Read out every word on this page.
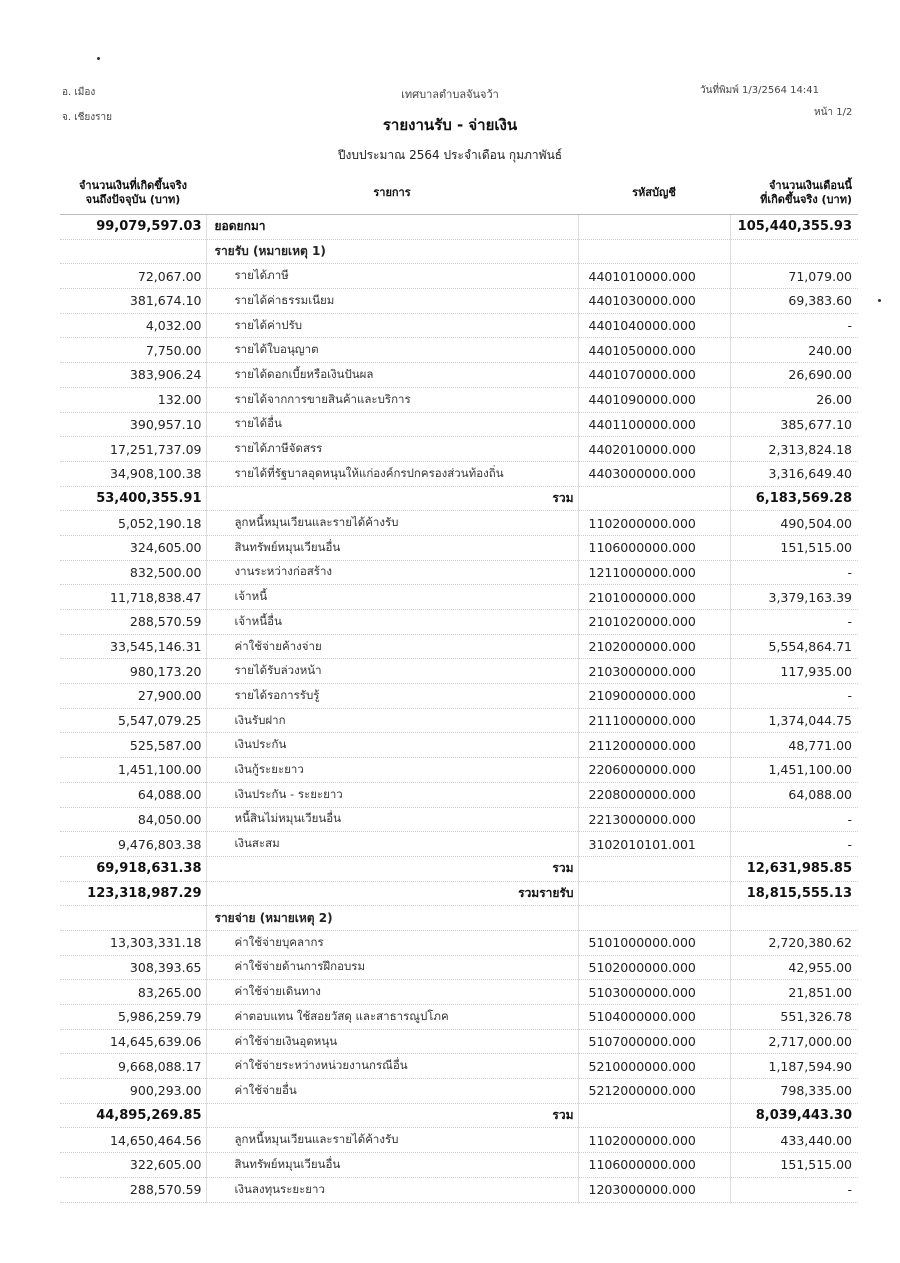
อ. เมือง
จ. เชียงราย
เทศบาลตำบลจันจว้า	วันที่พิมพ์ 1/3/2564 14:41
หน้า 1/2
รายงานรับ - จ่ายเงิน
ปีงบประมาณ 2564 ประจำเดือน กุมภาพันธ์
จำนวนเงินที่เกิดขึ้นจริง
จนถึงปัจจุบัน (บาท)	รายการ	รหัสบัญชี	จำนวนเงินเดือนนี้
ที่เกิดขึ้นจริง (บาท)
99,079,597.03	ยอดยกมา		105,440,355.93
	รายรับ (หมายเหตุ 1)		
72,067.00	รายได้ภาษี	4401010000.000	71,079.00
381,674.10	รายได้ค่าธรรมเนียม	4401030000.000	69,383.60
4,032.00	รายได้ค่าปรับ	4401040000.000	-
7,750.00	รายได้ใบอนุญาต	4401050000.000	240.00
383,906.24	รายได้ดอกเบี้ยหรือเงินปันผล	4401070000.000	26,690.00
132.00	รายได้จากการขายสินค้าและบริการ	4401090000.000	26.00
390,957.10	รายได้อื่น	4401100000.000	385,677.10
17,251,737.09	รายได้ภาษีจัดสรร	4402010000.000	2,313,824.18
34,908,100.38	รายได้ที่รัฐบาลอุดหนุนให้แก่องค์กรปกครองส่วนท้องถิ่น	4403000000.000	3,316,649.40
53,400,355.91	รวม		6,183,569.28
5,052,190.18	ลูกหนี้หมุนเวียนและรายได้ค้างรับ	1102000000.000	490,504.00
324,605.00	สินทรัพย์หมุนเวียนอื่น	1106000000.000	151,515.00
832,500.00	งานระหว่างก่อสร้าง	1211000000.000	-
11,718,838.47	เจ้าหนี้	2101000000.000	3,379,163.39
288,570.59	เจ้าหนี้อื่น	2101020000.000	-
33,545,146.31	ค่าใช้จ่ายค้างจ่าย	2102000000.000	5,554,864.71
980,173.20	รายได้รับล่วงหน้า	2103000000.000	117,935.00
27,900.00	รายได้รอการรับรู้	2109000000.000	-
5,547,079.25	เงินรับฝาก	2111000000.000	1,374,044.75
525,587.00	เงินประกัน	2112000000.000	48,771.00
1,451,100.00	เงินกู้ระยะยาว	2206000000.000	1,451,100.00
64,088.00	เงินประกัน - ระยะยาว	2208000000.000	64,088.00
84,050.00	หนี้สินไม่หมุนเวียนอื่น	2213000000.000	-
9,476,803.38	เงินสะสม	3102010101.001	-
69,918,631.38	รวม		12,631,985.85
123,318,987.29	รวมรายรับ		18,815,555.13
	รายจ่าย (หมายเหตุ 2)		
13,303,331.18	ค่าใช้จ่ายบุคลากร	5101000000.000	2,720,380.62
308,393.65	ค่าใช้จ่ายด้านการฝึกอบรม	5102000000.000	42,955.00
83,265.00	ค่าใช้จ่ายเดินทาง	5103000000.000	21,851.00
5,986,259.79	ค่าตอบแทน ใช้สอยวัสดุ และสาธารณูปโภค	5104000000.000	551,326.78
14,645,639.06	ค่าใช้จ่ายเงินอุดหนุน	5107000000.000	2,717,000.00
9,668,088.17	ค่าใช้จ่ายระหว่างหน่วยงานกรณีอื่น	5210000000.000	1,187,594.90
900,293.00	ค่าใช้จ่ายอื่น	5212000000.000	798,335.00
44,895,269.85	รวม		8,039,443.30
14,650,464.56	ลูกหนี้หมุนเวียนและรายได้ค้างรับ	1102000000.000	433,440.00
322,605.00	สินทรัพย์หมุนเวียนอื่น	1106000000.000	151,515.00
288,570.59	เงินลงทุนระยะยาว	1203000000.000	-
